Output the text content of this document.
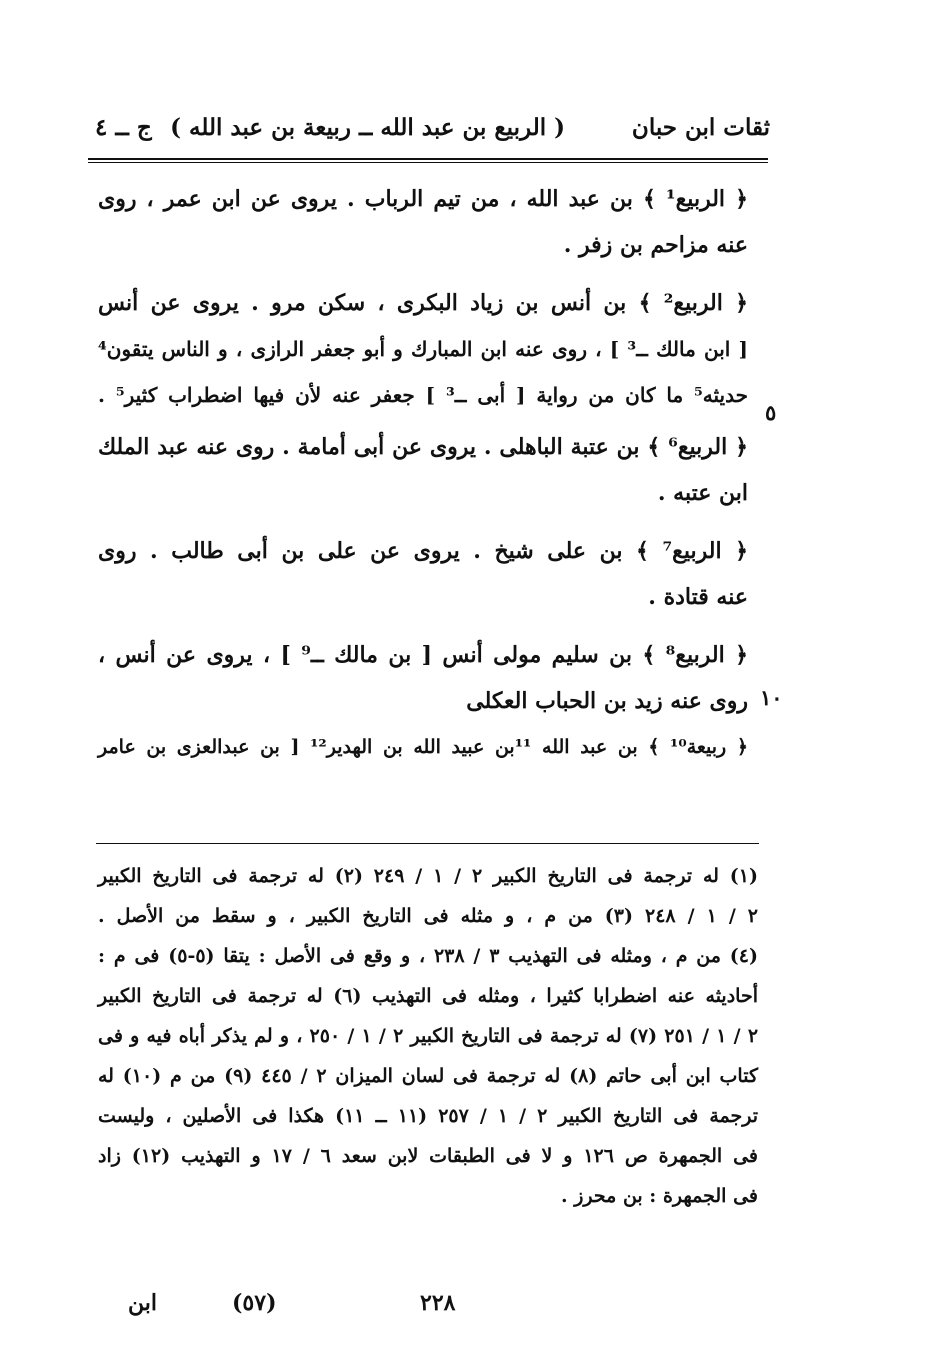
ثقات ابن حبان
( الربيع بن عبد الله ــ ربيعة بن عبد الله )
ج ــ ٤
٥
١٠
﴿ الربيع¹ ﴾ بن عبد الله ، من تيم الرباب . يروى عن ابن عمر ، روى
عنه مزاحم بن زفر .
﴿ الربيع² ﴾ بن أنس بن زياد البكرى ، سكن مرو . يروى عن أنس
[ ابن مالك ــ³ ] ، روى عنه ابن المبارك و أبو جعفر الرازى ، و الناس يتقون⁴
حديثه⁵ ما كان من رواية [ أبى ــ³ ] جعفر عنه لأن فيها اضطراب كثير⁵ .
﴿ الربيع⁶ ﴾ بن عتبة الباهلى . يروى عن أبى أمامة . روى عنه عبد الملك
ابن عتبه .
﴿ الربيع⁷ ﴾ بن على شيخ . يروى عن على بن أبى طالب . روى
عنه قتادة .
﴿ الربيع⁸ ﴾ بن سليم مولى أنس [ بن مالك ــ⁹ ] ، يروى عن أنس ،
روى عنه زيد بن الحباب العكلى
﴿ ربيعة¹⁰ ﴾ بن عبد الله ¹¹بن عبيد الله بن الهدير¹² [ بن عبدالعزى بن عامر
(١) له ترجمة فى التاريخ الكبير ٢ / ١ / ٢٤٩ (٢) له ترجمة فى التاريخ الكبير
٢ / ١ / ٢٤٨ (٣) من م ، و مثله فى التاريخ الكبير ، و سقط من الأصل .
(٤) من م ، ومثله فى التهذيب ٣ / ٢٣٨ ، و وقع فى الأصل : يتقا (٥-٥) فى م :
أحاديثه عنه اضطرابا كثيرا ، ومثله فى التهذيب (٦) له ترجمة فى التاريخ الكبير
٢ / ١ / ٢٥١ (٧) له ترجمة فى التاريخ الكبير ٢ / ١ / ٢٥٠ ، و لم يذكر أباه فيه و فى
كتاب ابن أبى حاتم (٨) له ترجمة فى لسان الميزان ٢ / ٤٤٥ (٩) من م (١٠) له
ترجمة فى التاريخ الكبير ٢ / ١ / ٢٥٧ (١١ ــ ١١) هكذا فى الأصلين ، وليست
فى الجمهرة ص ١٢٦ و لا فى الطبقات لابن سعد ٦ / ١٧ و التهذيب (١٢) زاد
فى الجمهرة : بن محرز .
٢٢٨
(٥٧)
ابن
